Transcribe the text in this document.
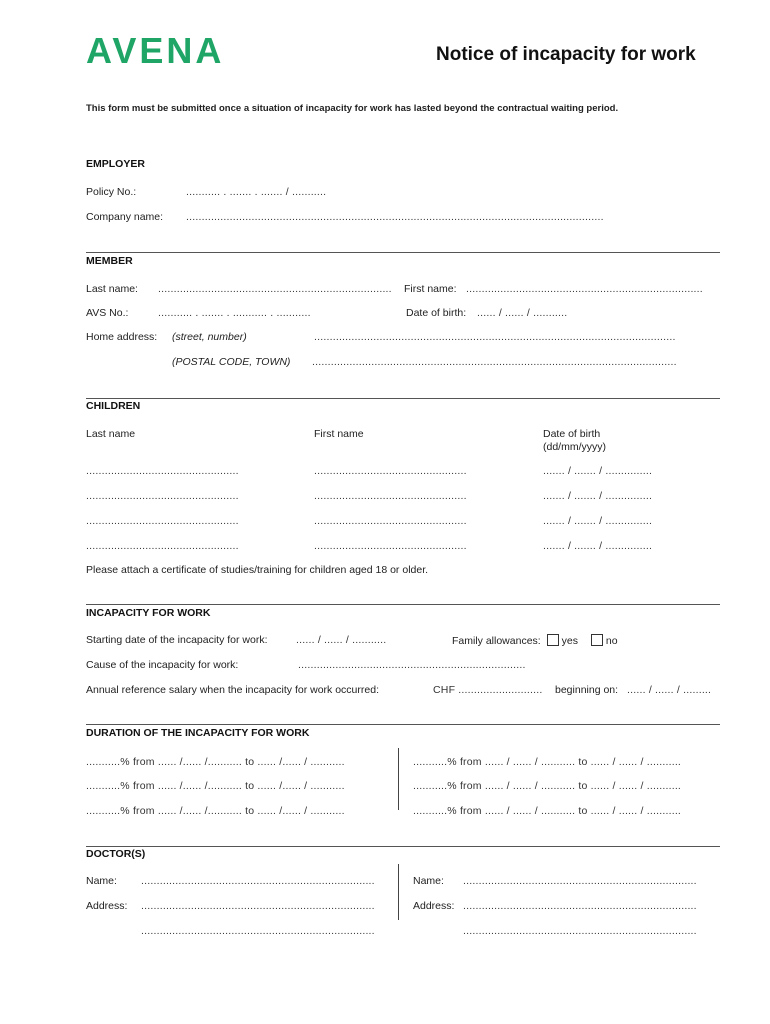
AVENA	Notice of incapacity for work
This form must be submitted once a situation of incapacity for work has lasted beyond the contractual waiting period.
EMPLOYER
Policy No.:	........... . ....... . ....... / ...........
Company name: ......................................................................................................................................
MEMBER
Last name: ........................................................................... First name: ............................................................................
AVS No.:	........... . ....... . ........... . ...........	Date of birth: ...... / ...... / ...........
Home address: (street, number)	....................................................................................................................
(POSTAL CODE, TOWN) .....................................................................................................................
CHILDREN
Last name	First name	Date of birth
(dd/mm/yyyy)
.................................................	.................................................	....... / ....... / ...............
.................................................	.................................................	....... / ....... / ...............
.................................................	.................................................	....... / ....... / ...............
.................................................	.................................................	....... / ....... / ...............
Please attach a certificate of studies/training for children aged 18 or older.
INCAPACITY FOR WORK
Starting date of the incapacity for work:	...... / ...... / ...........	Family allowances: yes	no
Cause of the incapacity for work:	.........................................................................
Annual reference salary when the incapacity for work occurred:	CHF ........................... beginning on: ...... / ...... / .........
DURATION OF THE INCAPACITY FOR WORK
...........% from ...... /...... /........... to ...... /...... / ...........
...........% from ...... /...... /........... to ...... /...... / ...........
...........% from ...... /...... /........... to ...... /...... / ...........
...........% from ...... / ...... / ........... to ...... / ...... / ...........
...........% from ...... / ...... / ........... to ...... / ...... / ...........
...........% from ...... / ...... / ........... to ...... / ...... / ...........
DOCTOR(S)
Name: ...........................................................................
Address: ...........................................................................
...........................................................................
Name: ...........................................................................
Address: ...........................................................................
...........................................................................
